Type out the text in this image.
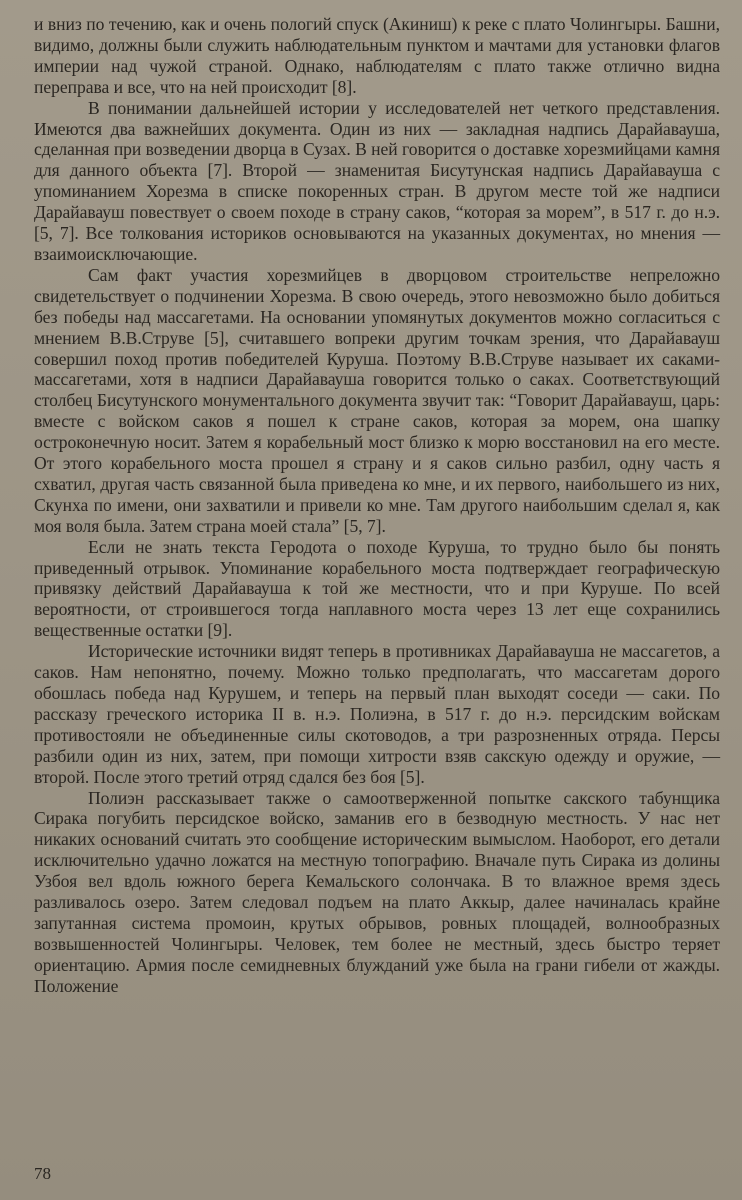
и вниз по течению, как и очень пологий спуск (Акиниш) к реке с плато Чолингыры. Башни, видимо, должны были служить наблюдательным пунктом и мачтами для установки флагов империи над чужой страной. Однако, наблюдателям с плато также отлично видна переправа и все, что на ней происходит [8].

В понимании дальнейшей истории у исследователей нет четкого представления. Имеются два важнейших документа. Один из них — закладная надпись Дарайавауша, сделанная при возведении дворца в Сузах. В ней говорится о доставке хорезмийцами камня для данного объекта [7]. Второй — знаменитая Бисутунская надпись Дарайавауша с упоминанием Хорезма в списке покоренных стран. В другом месте той же надписи Дарайавауш повествует о своем походе в страну саков, “которая за морем”, в 517 г. до н.э. [5, 7]. Все толкования историков основываются на указанных документах, но мнения — взаимоисключающие.

Сам факт участия хорезмийцев в дворцовом строительстве непреложно свидетельствует о подчинении Хорезма. В свою очередь, этого невозможно было добиться без победы над массагетами. На основании упомянутых документов можно согласиться с мнением В.В.Струве [5], считавшего вопреки другим точкам зрения, что Дарайавауш совершил поход против победителей Куруша. Поэтому В.В.Струве называет их саками-массагетами, хотя в надписи Дарайавауша говорится только о саках. Соответствующий столбец Бисутунского монументального документа звучит так: “Говорит Дарайавауш, царь: вместе с войском саков я пошел к стране саков, которая за морем, она шапку остроконечную носит. Затем я корабельный мост близко к морю восстановил на его месте. От этого корабельного моста прошел я страну и я саков сильно разбил, одну часть я схватил, другая часть связанной была приведена ко мне, и их первого, наибольшего из них, Скунха по имени, они захватили и привели ко мне. Там другого наибольшим сделал я, как моя воля была. Затем страна моей стала” [5, 7].

Если не знать текста Геродота о походе Куруша, то трудно было бы понять приведенный отрывок. Упоминание корабельного моста подтверждает географическую привязку действий Дарайавауша к той же местности, что и при Куруше. По всей вероятности, от строившегося тогда наплавного моста через 13 лет еще сохранились вещественные остатки [9].

Исторические источники видят теперь в противниках Дарайавауша не массагетов, а саков. Нам непонятно, почему. Можно только предполагать, что массагетам дорого обошлась победа над Курушем, и теперь на первый план выходят соседи — саки. По рассказу греческого историка II в. н.э. Полиэна, в 517 г. до н.э. персидским войскам противостояли не объединенные силы скотоводов, а три разрозненных отряда. Персы разбили один из них, затем, при помощи хитрости взяв сакскую одежду и оружие, — второй. После этого третий отряд сдался без боя [5].

Полиэн рассказывает также о самоотверженной попытке сакского табунщика Сирака погубить персидское войско, заманив его в безводную местность. У нас нет никаких оснований считать это сообщение историческим вымыслом. Наоборот, его детали исключительно удачно ложатся на местную топографию. Вначале путь Сирака из долины Узбоя вел вдоль южного берега Кемальского солончака. В то влажное время здесь разливалось озеро. Затем следовал подъем на плато Аккыр, далее начиналась крайне запутанная система промоин, крутых обрывов, ровных площадей, волнообразных возвышенностей Чолингыры. Человек, тем более не местный, здесь быстро теряет ориентацию. Армия после семидневных блужданий уже была на грани гибели от жажды. Положение

78
